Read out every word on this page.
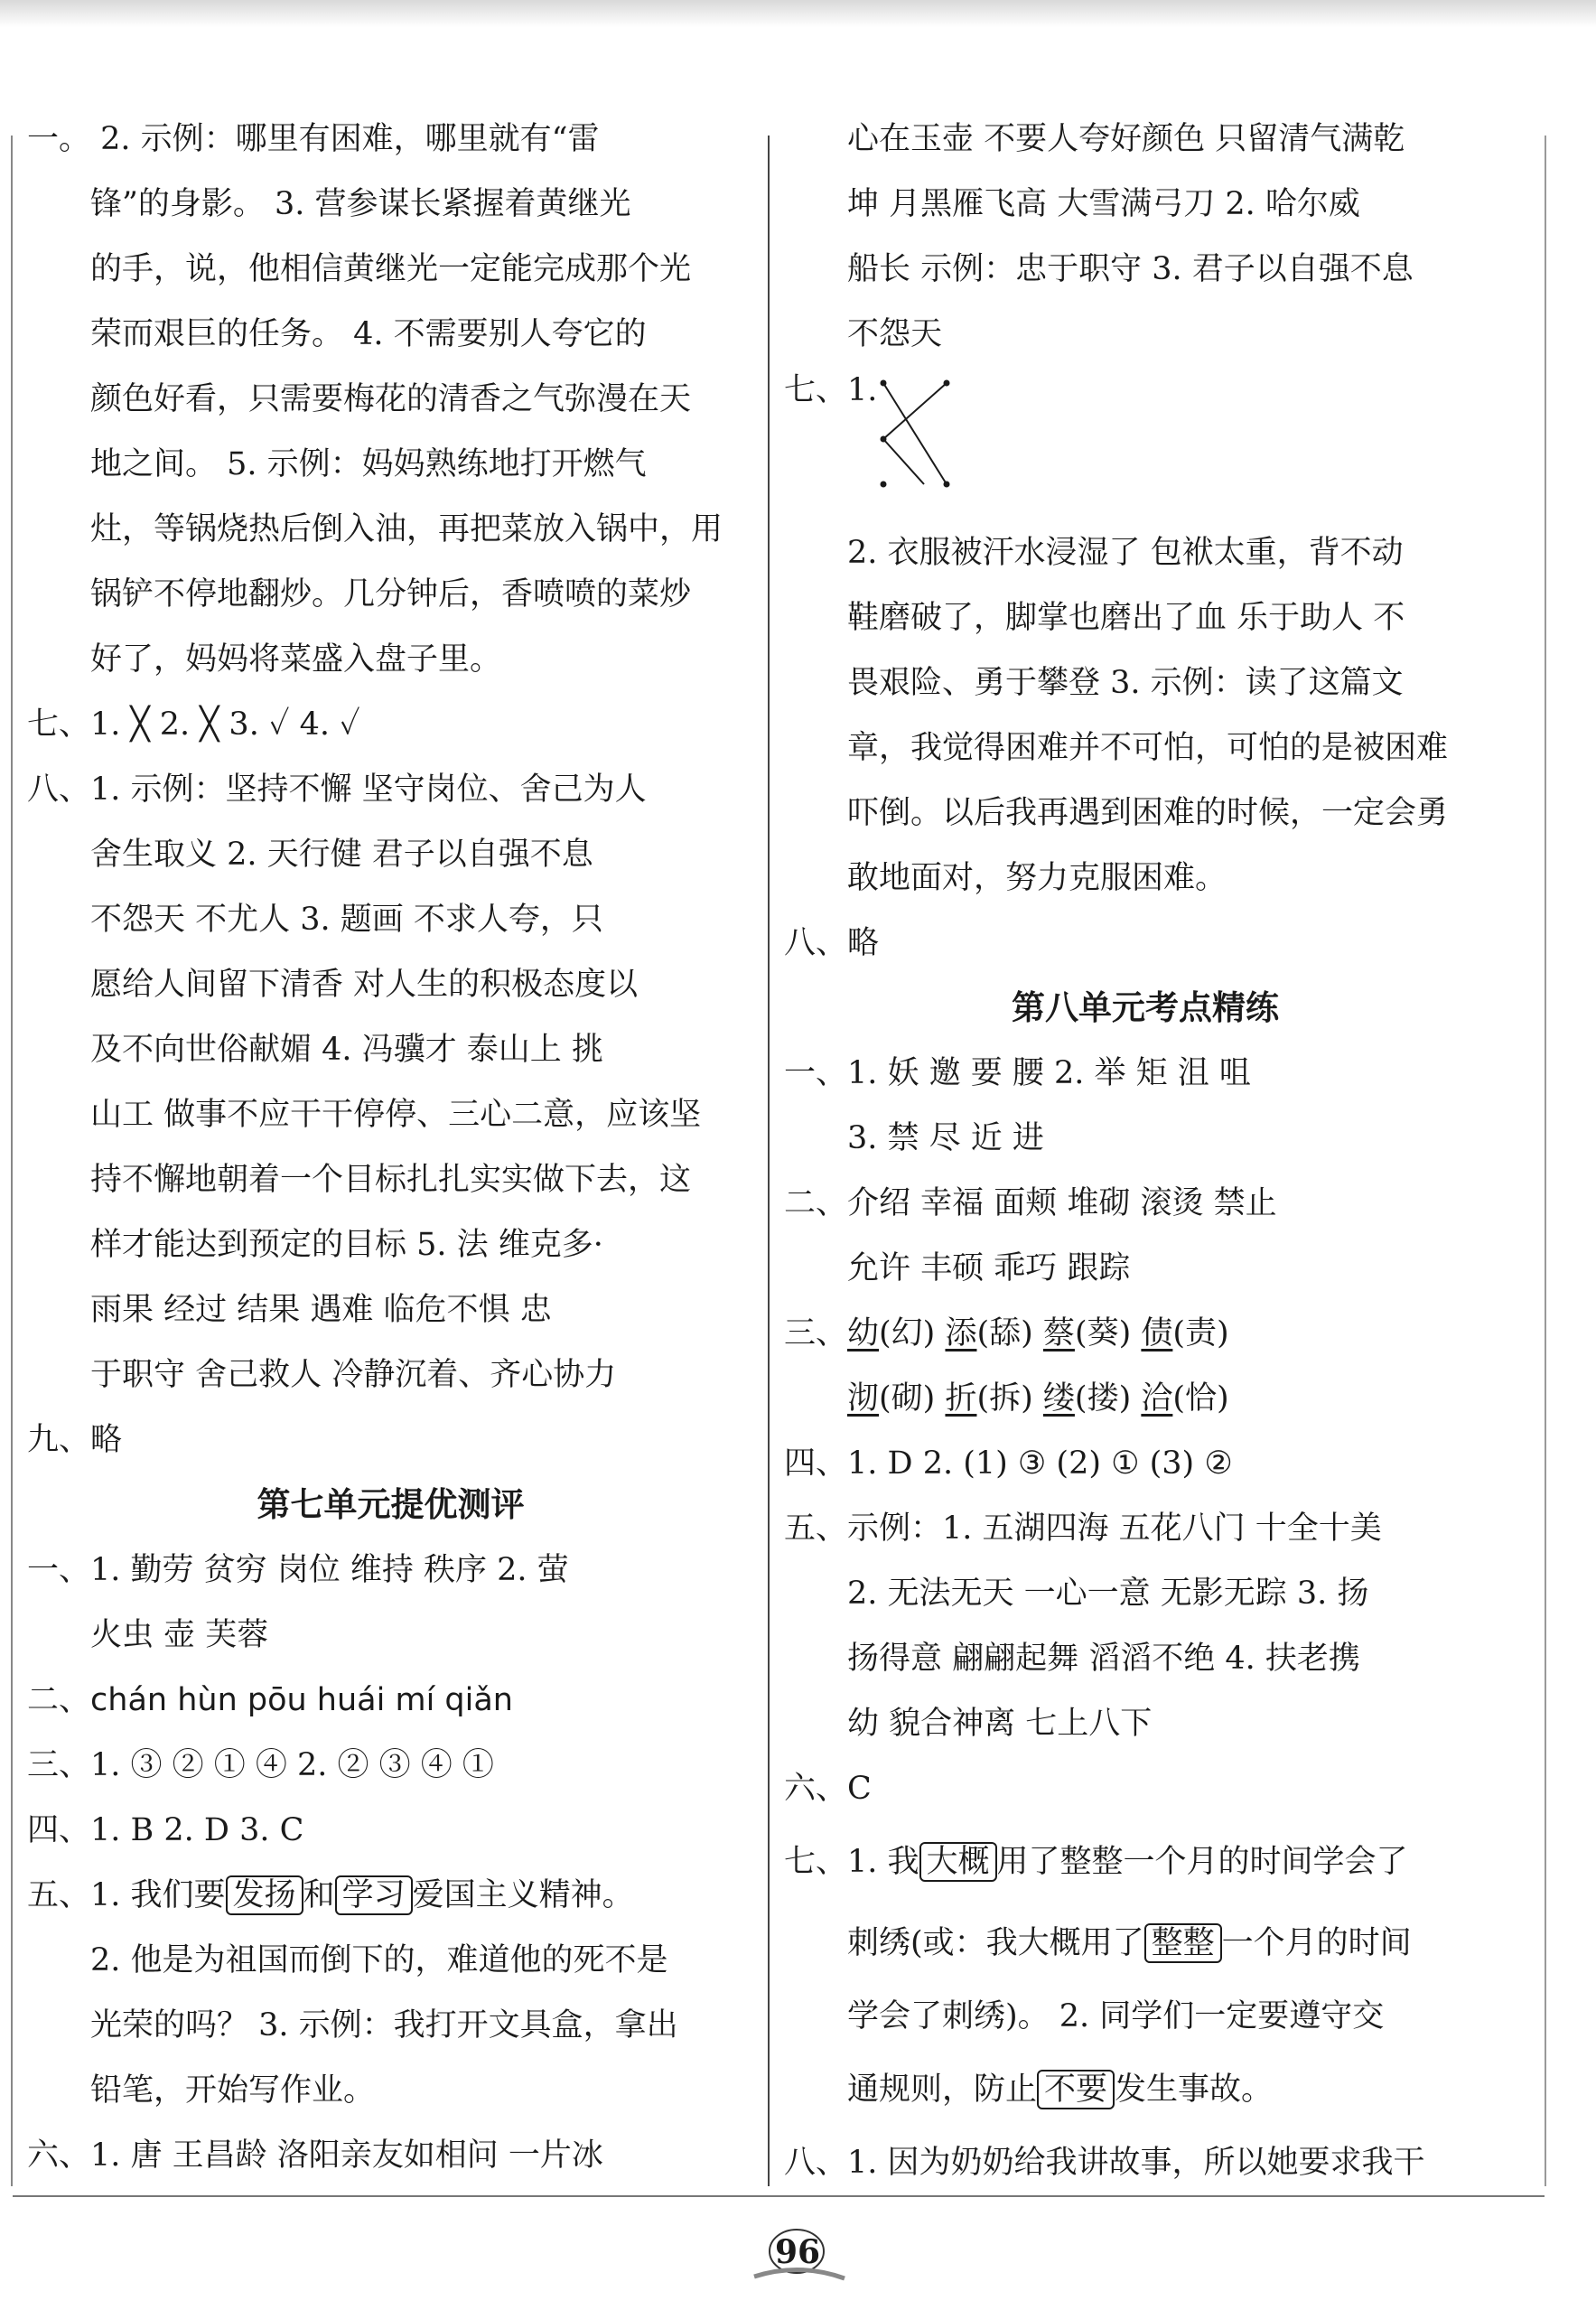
一。 2. 示例：哪里有困难，哪里就有“雷
锋”的身影。 3. 营参谋长紧握着黄继光
的手，说，他相信黄继光一定能完成那个光
荣而艰巨的任务。 4. 不需要别人夸它的
颜色好看，只需要梅花的清香之气弥漫在天
地之间。 5. 示例：妈妈熟练地打开燃气
灶，等锅烧热后倒入油，再把菜放入锅中，用
锅铲不停地翻炒。几分钟后，香喷喷的菜炒
好了，妈妈将菜盛入盘子里。
七、1. ╳ 2. ╳ 3. ✓ 4. ✓
八、1. 示例：坚持不懈 坚守岗位、舍己为人
舍生取义 2. 天行健 君子以自强不息
不怨天 不尤人 3. 题画 不求人夸，只
愿给人间留下清香 对人生的积极态度以
及不向世俗献媚 4. 冯骥才 泰山上 挑
山工 做事不应干干停停、三心二意，应该坚
持不懈地朝着一个目标扎扎实实做下去，这
样才能达到预定的目标 5. 法 维克多·
雨果 经过 结果 遇难 临危不惧 忠
于职守 舍己救人 冷静沉着、齐心协力
九、略
第七单元提优测评
一、1. 勤劳 贫穷 岗位 维持 秩序 2. 萤
火虫 壶 芙蓉
二、chán hùn pōu huái mí qiǎn
三、1. ③ ② ① ④ 2. ② ③ ④ ①
四、1. B 2. D 3. C
五、1. 我们要 发扬 和 学习 爱国主义精神。
2. 他是为祖国而倒下的，难道他的死不是
光荣的吗？ 3. 示例：我打开文具盒，拿出
铅笔，开始写作业。
六、1. 唐 王昌龄 洛阳亲友如相问 一片冰
心在玉壶 不要人夸好颜色 只留清气满乾
坤 月黑雁飞高 大雪满弓刀 2. 哈尔威
船长 示例：忠于职守 3. 君子以自强不息
不怨天
七、1.
2. 衣服被汗水浸湿了 包袱太重，背不动
鞋磨破了，脚掌也磨出了血 乐于助人 不
畏艰险、勇于攀登 3. 示例：读了这篇文
章，我觉得困难并不可怕，可怕的是被困难
吓倒。以后我再遇到困难的时候，一定会勇
敢地面对，努力克服困难。
八、略
第八单元考点精练
一、1. 妖 邀 要 腰 2. 举 矩 沮 咀
3. 禁 尽 近 进
二、介绍 幸福 面颊 堆砌 滚烫 禁止
允许 丰硕 乖巧 跟踪
三、幼(幻) 添(舔) 蔡(葵) 债(责)
沏(砌) 折(拆) 缕(搂) 洽(恰)
四、1. D 2. (1) ③ (2) ① (3) ②
五、示例：1. 五湖四海 五花八门 十全十美
2. 无法无天 一心一意 无影无踪 3. 扬
扬得意 翩翩起舞 滔滔不绝 4. 扶老携
幼 貌合神离 七上八下
六、C
七、1. 我 大概 用了整整一个月的时间学会了
刺绣(或：我大概用了 整整 一个月的时间
学会了刺绣)。 2. 同学们一定要遵守交
通规则，防止 不要 发生事故。
八、1. 因为奶奶给我讲故事，所以她要求我干
96
